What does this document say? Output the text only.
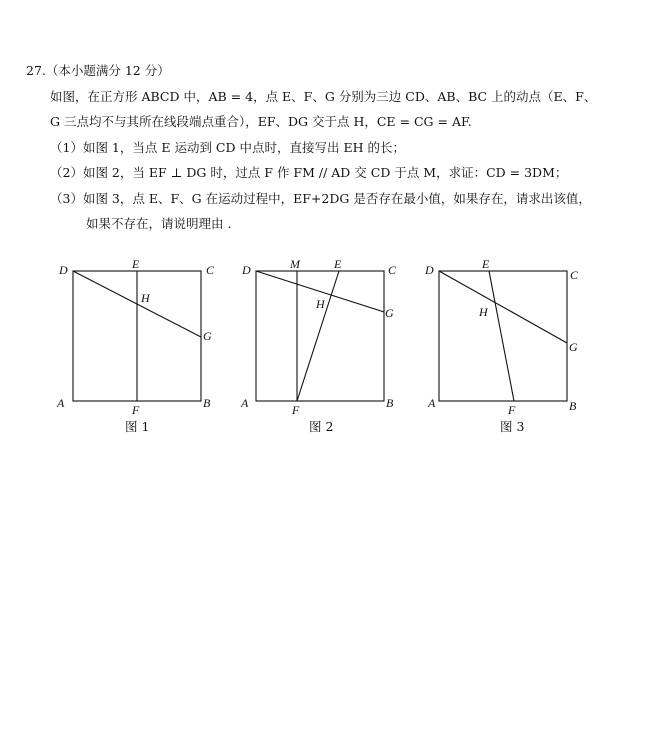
27.（本小题满分 12 分）
如图，在正方形 ABCD 中，AB = 4，点 E、F、G 分别为三边 CD、AB、BC 上的动点（E、F、
G 三点均不与其所在线段端点重合），EF、DG 交于点 H，CE = CG = AF.
（1）如图 1，当点 E 运动到 CD 中点时，直接写出 EH 的长；
（2）如图 2，当 EF ⊥ DG 时，过点 F 作 FM // AD 交 CD 于点 M，求证：CD = 3DM；
（3）如图 3，点 E、F、G 在运动过程中，EF+2DG 是否存在最小值，如果存在，请求出该值，
如果不存在，请说明理由 .
D	E	C
H
G
A	F	B
图 1
D	M	E	C
H
G
A	F	B
图 2
D	E
C
H
G
A	F	B
图 3
